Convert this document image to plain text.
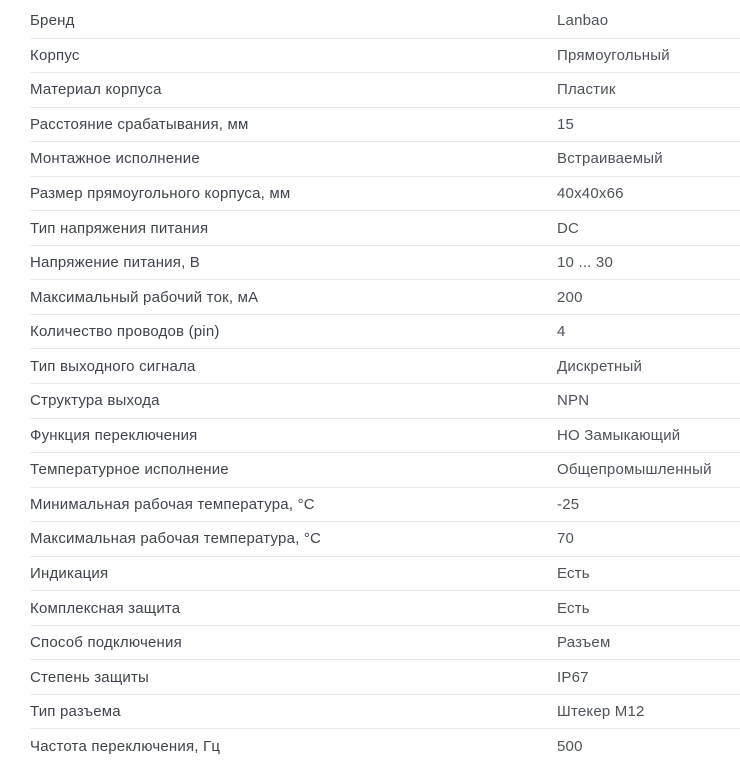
Бренд	Lanbao
Корпус	Прямоугольный
Материал корпуса	Пластик
Расстояние срабатывания, мм	15
Монтажное исполнение	Встраиваемый
Размер прямоугольного корпуса, мм	40x40x66
Тип напряжения питания	DC
Напряжение питания, В	10 ... 30
Максимальный рабочий ток, мА	200
Количество проводов (pin)	4
Тип выходного сигнала	Дискретный
Структура выхода	NPN
Функция переключения	НО Замыкающий
Температурное исполнение	Общепромышленный
Минимальная рабочая температура, °С	-25
Максимальная рабочая температура, °С	70
Индикация	Есть
Комплексная защита	Есть
Способ подключения	Разъем
Степень защиты	IP67
Тип разъема	Штекер M12
Частота переключения, Гц	500
